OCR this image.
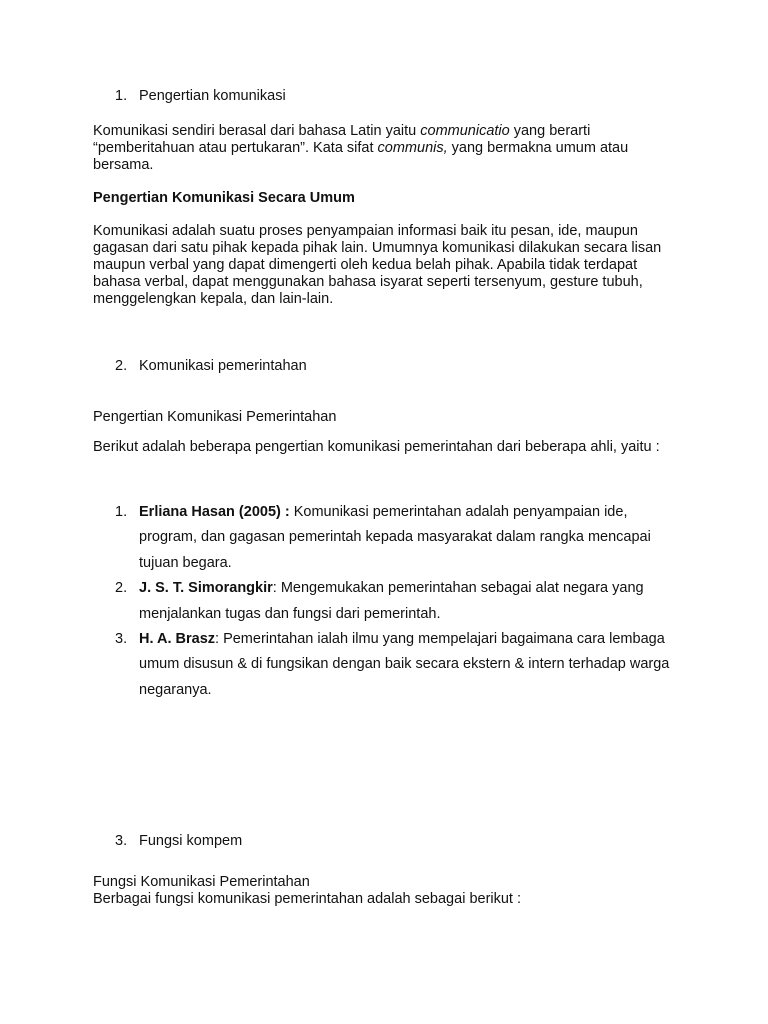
1. Pengertian komunikasi
Komunikasi sendiri berasal dari bahasa Latin yaitu communicatio yang berarti “pemberitahuan atau pertukaran”. Kata sifat communis, yang bermakna umum atau bersama.
Pengertian Komunikasi Secara Umum
Komunikasi adalah suatu proses penyampaian informasi baik itu pesan, ide, maupun gagasan dari satu pihak kepada pihak lain. Umumnya komunikasi dilakukan secara lisan maupun verbal yang dapat dimengerti oleh kedua belah pihak. Apabila tidak terdapat bahasa verbal, dapat menggunakan bahasa isyarat seperti tersenyum, gesture tubuh, menggelengkan kepala, dan lain-lain.
2. Komunikasi pemerintahan
Pengertian Komunikasi Pemerintahan
Berikut adalah beberapa pengertian komunikasi pemerintahan dari beberapa ahli, yaitu :
1. Erliana Hasan (2005) : Komunikasi pemerintahan adalah penyampaian ide, program, dan gagasan pemerintah kepada masyarakat dalam rangka mencapai tujuan begara.
2. J. S. T. Simorangkir: Mengemukakan pemerintahan sebagai alat negara yang menjalankan tugas dan fungsi dari pemerintah.
3. H. A. Brasz: Pemerintahan ialah ilmu yang mempelajari bagaimana cara lembaga umum disusun & di fungsikan dengan baik secara ekstern & intern terhadap warga negaranya.
3. Fungsi kompem
Fungsi Komunikasi Pemerintahan
Berbagai fungsi komunikasi pemerintahan adalah sebagai berikut :
